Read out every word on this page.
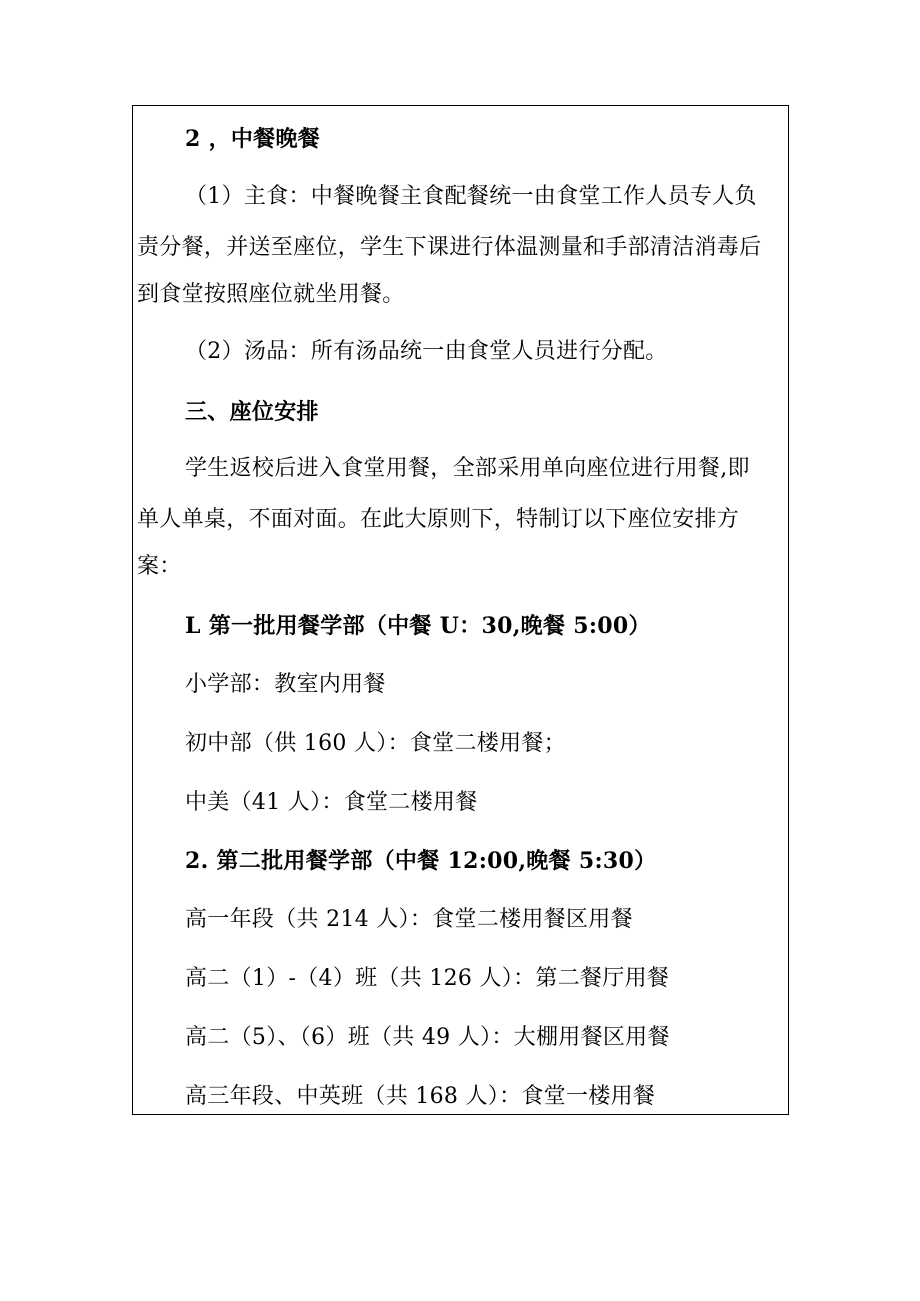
2 ，中餐晚餐
（1）主食：中餐晚餐主食配餐统一由食堂工作人员专人负
责分餐，并送至座位，学生下课进行体温测量和手部清洁消毒后
到食堂按照座位就坐用餐。
（2）汤品：所有汤品统一由食堂人员进行分配。
三、座位安排
学生返校后进入食堂用餐，全部采用单向座位进行用餐,即
单人单桌，不面对面。在此大原则下，特制订以下座位安排方
案：
L 第一批用餐学部（中餐 U：30,晚餐 5:00）
小学部：教室内用餐
初中部（供 160 人）：食堂二楼用餐；
中美（41 人）：食堂二楼用餐
2. 第二批用餐学部（中餐 12:00,晚餐 5:30）
高一年段（共 214 人）：食堂二楼用餐区用餐
高二（1）-（4）班（共 126 人）：第二餐厅用餐
高二（5）、（6）班（共 49 人）：大棚用餐区用餐
高三年段、中英班（共 168 人）：食堂一楼用餐
